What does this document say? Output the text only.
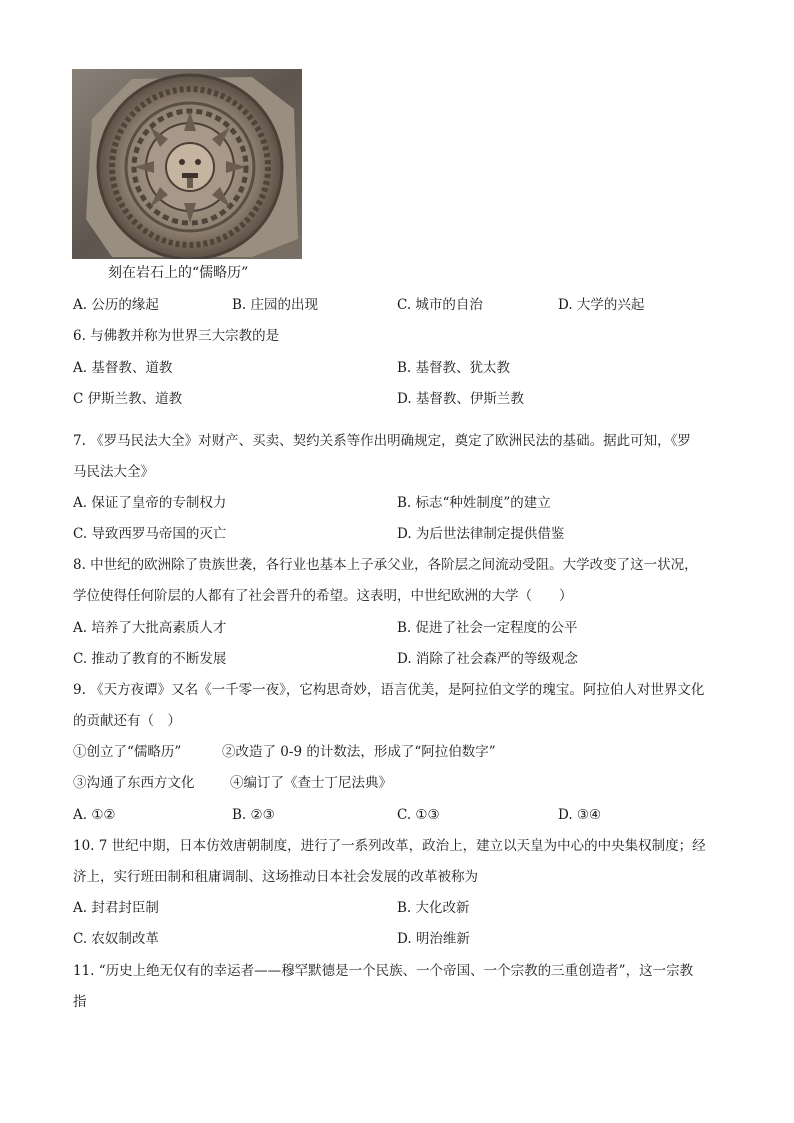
刻在岩石上的“儒略历”
A. 公历的缘起	B. 庄园的出现	C. 城市的自治	D. 大学的兴起
6. 与佛教并称为世界三大宗教的是
A. 基督教、道教	B. 基督教、犹太教
C 伊斯兰教、道教	D. 基督教、伊斯兰教
7. 《罗马民法大全》对财产、买卖、契约关系等作出明确规定，奠定了欧洲民法的基础。据此可知，《罗
马民法大全》
A. 保证了皇帝的专制权力	B. 标志“种姓制度”的建立
C. 导致西罗马帝国的灭亡	D. 为后世法律制定提供借鉴
8. 中世纪的欧洲除了贵族世袭，各行业也基本上子承父业，各阶层之间流动受阻。大学改变了这一状况，
学位使得任何阶层的人都有了社会晋升的希望。这表明，中世纪欧洲的大学（　　）
A. 培养了大批高素质人才	B. 促进了社会一定程度的公平
C. 推动了教育的不断发展	D. 消除了社会森严的等级观念
9. 《天方夜谭》又名《一千零一夜》，它构思奇妙，语言优美，是阿拉伯文学的瑰宝。阿拉伯人对世界文化
的贡献还有（　）
①创立了“儒略历”	②改造了 0-9 的计数法，形成了“阿拉伯数字”
③沟通了东西方文化	④编订了《查士丁尼法典》
A. ①②	B. ②③	C. ①③	D. ③④
10. 7 世纪中期，日本仿效唐朝制度，进行了一系列改革，政治上，建立以天皇为中心的中央集权制度；经
济上，实行班田制和租庸调制、这场推动日本社会发展的改革被称为
A. 封君封臣制	B. 大化改新
C. 农奴制改革	D. 明治维新
11. “历史上绝无仅有的幸运者——穆罕默德是一个民族、一个帝国、一个宗教的三重创造者”，这一宗教
指
